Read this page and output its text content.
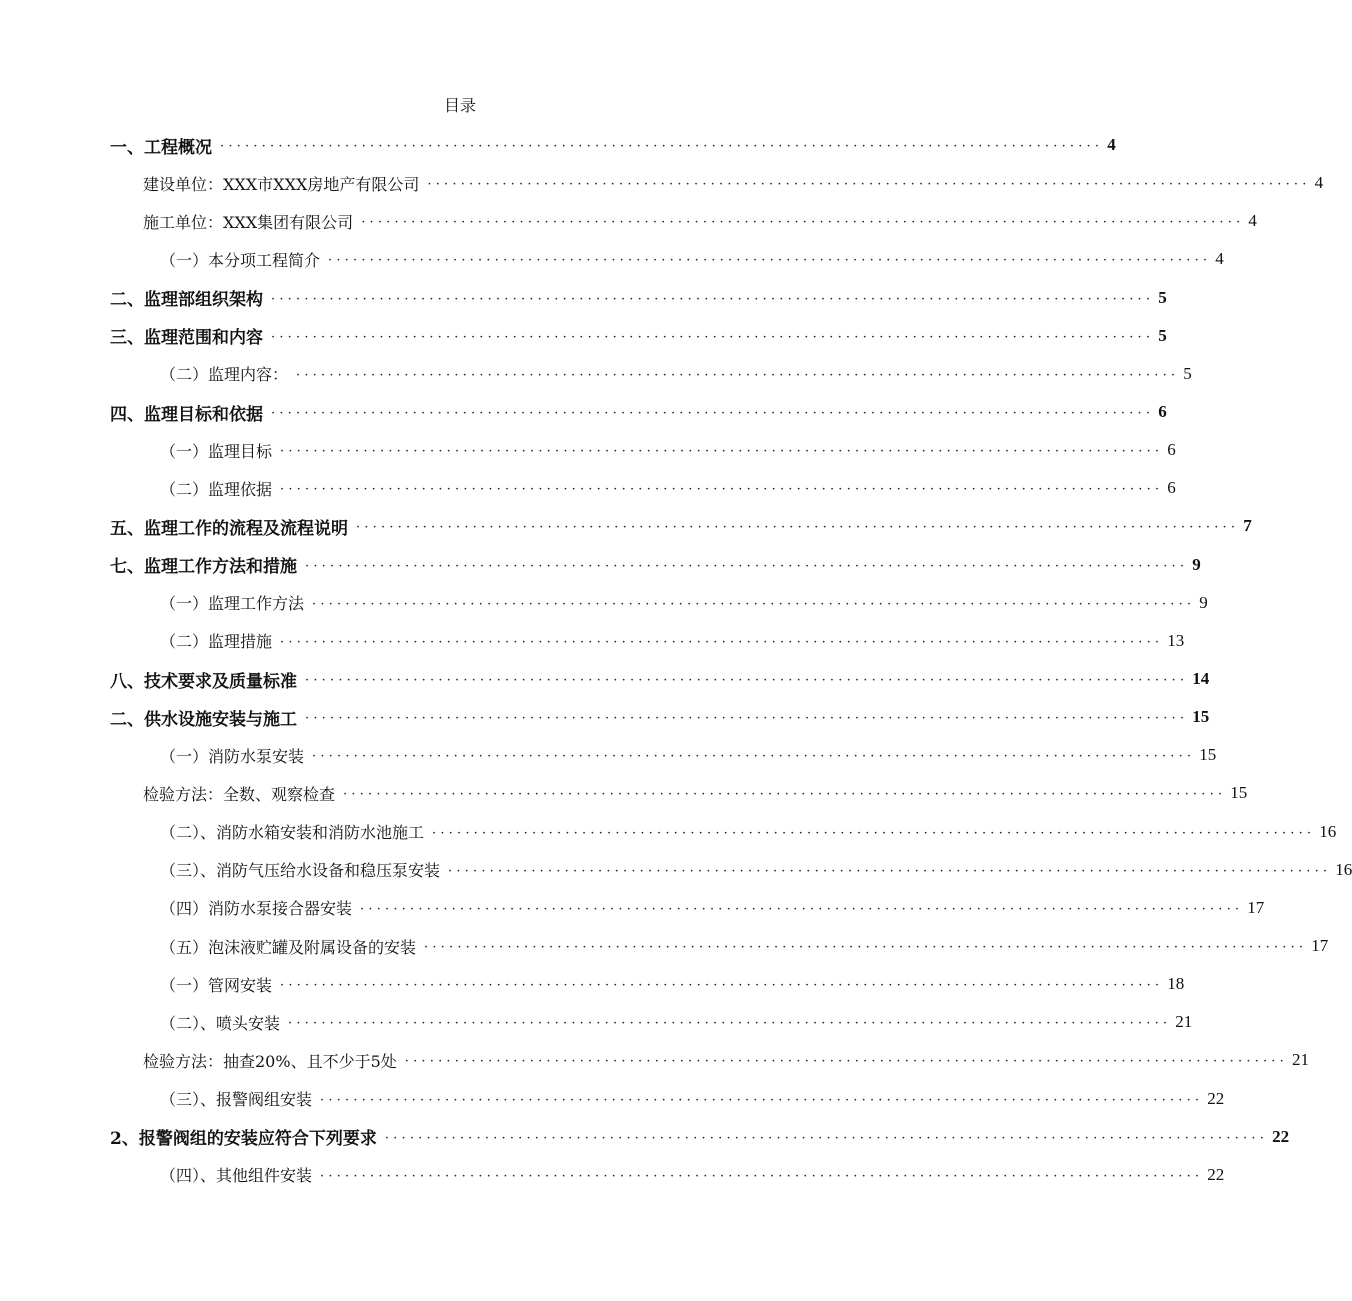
目录
一、工程概况 ·········································································································· 4
建设单位：XXX市XXX房地产有限公司 ·········································································································· 4
施工单位：XXX集团有限公司 ·········································································································· 4
（一）本分项工程简介 ·········································································································· 4
二、监理部组织架构 ·········································································································· 5
三、监理范围和内容 ·········································································································· 5
（二）监理内容： ·········································································································· 5
四、监理目标和依据 ·········································································································· 6
（一）监理目标 ·········································································································· 6
（二）监理依据 ·········································································································· 6
五、监理工作的流程及流程说明 ·········································································································· 7
七、监理工作方法和措施 ·········································································································· 9
（一）监理工作方法 ·········································································································· 9
（二）监理措施 ·········································································································· 13
八、技术要求及质量标准 ·········································································································· 14
二、供水设施安装与施工 ·········································································································· 15
（一）消防水泵安装 ·········································································································· 15
检验方法：全数、观察检查 ·········································································································· 15
（二）、消防水箱安装和消防水池施工 ·········································································································· 16
（三）、消防气压给水设备和稳压泵安装 ·········································································································· 16
（四）消防水泵接合器安装 ·········································································································· 17
（五）泡沫液贮罐及附属设备的安装 ·········································································································· 17
（一）管网安装 ·········································································································· 18
（二）、喷头安装 ·········································································································· 21
检验方法：抽查20%、且不少于5处 ·········································································································· 21
（三）、报警阀组安装 ·········································································································· 22
2、报警阀组的安装应符合下列要求 ·········································································································· 22
（四）、其他组件安装 ·········································································································· 22
